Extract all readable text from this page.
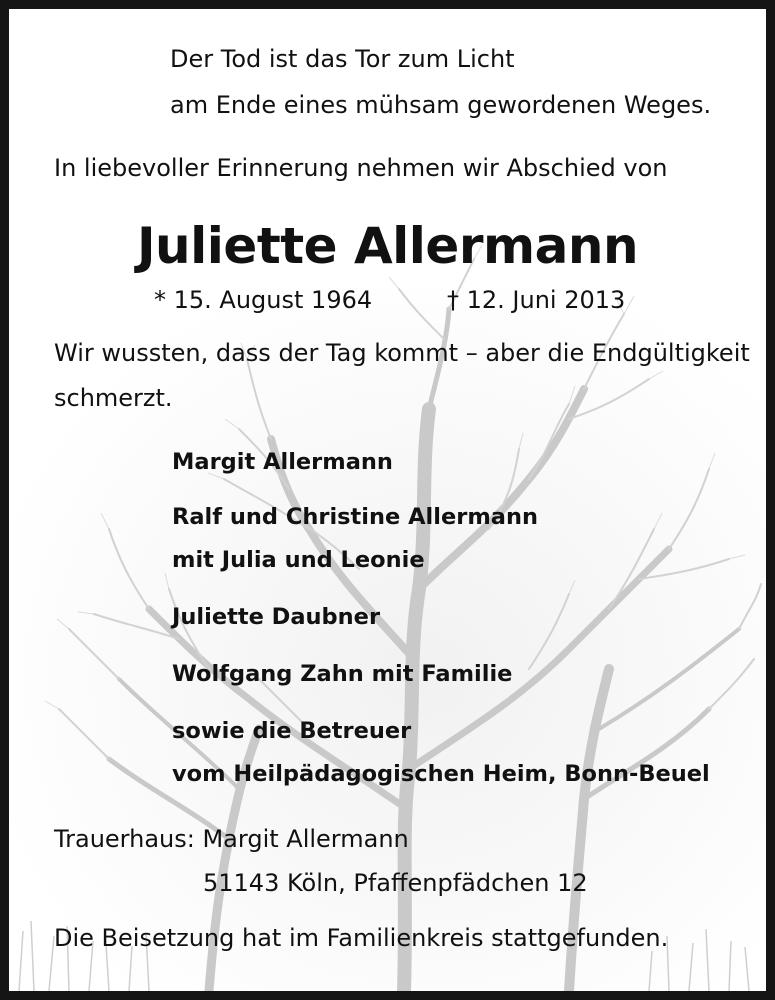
Der Tod ist das Tor zum Licht

am Ende eines mühsam gewordenen Weges.

In liebevoller Erinnerung nehmen wir Abschied von

Juliette Allermann

* 15. August 1964	† 12. Juni 2013

Wir wussten, dass der Tag kommt – aber die Endgültigkeit

schmerzt.

Margit Allermann

Ralf und Christine Allermann

mit Julia und Leonie

Juliette Daubner

Wolfgang Zahn mit Familie

sowie die Betreuer

vom Heilpädagogischen Heim, Bonn-Beuel

Trauerhaus: Margit Allermann

51143 Köln, Pfaffenpfädchen 12

Die Beisetzung hat im Familienkreis stattgefunden.
